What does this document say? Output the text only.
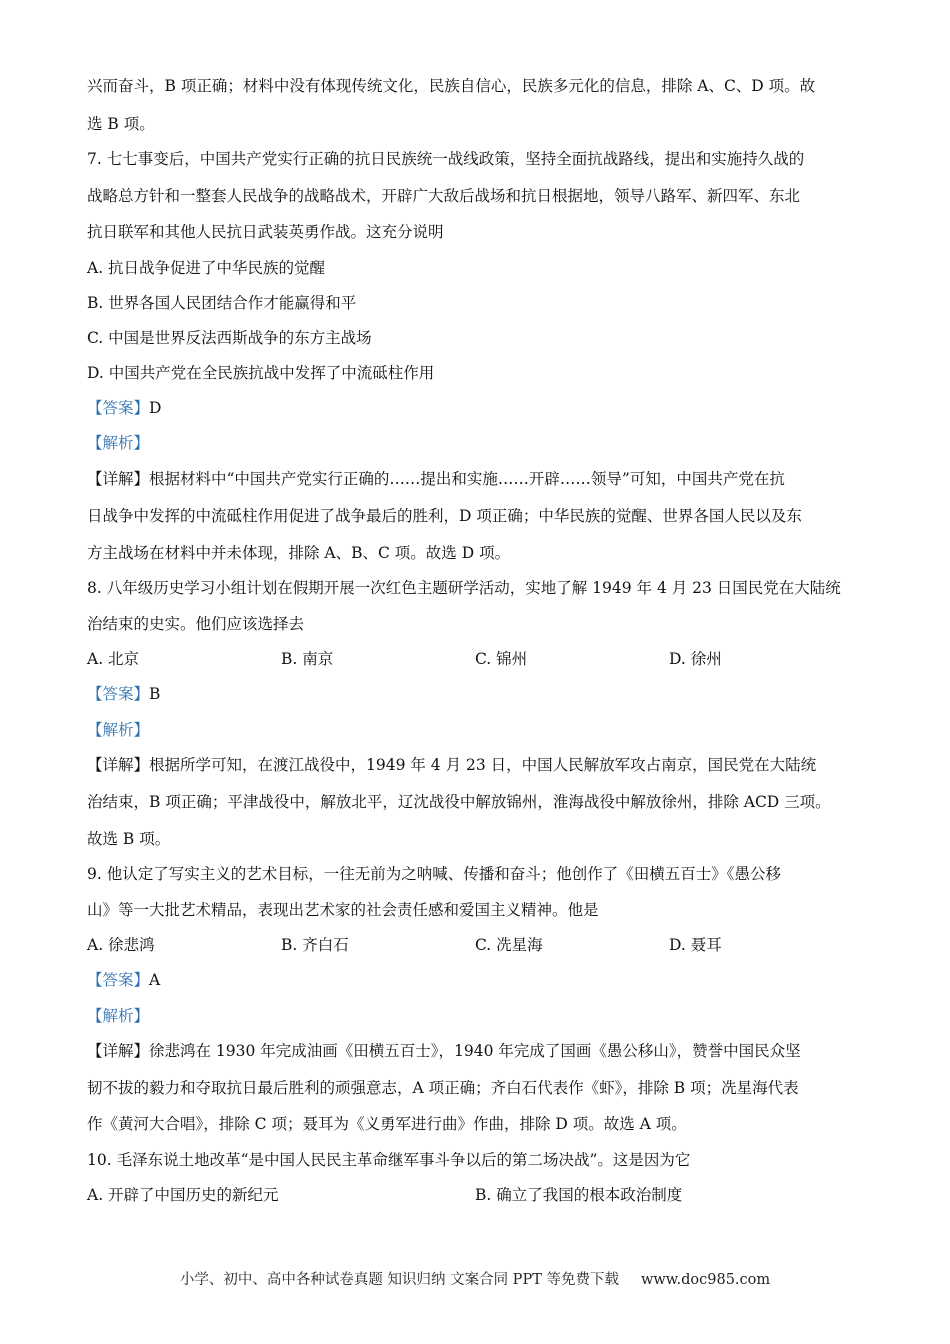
兴而奋斗，B 项正确；材料中没有体现传统文化，民族自信心，民族多元化的信息，排除 A、C、D 项。故
选 B 项。
7. 七七事变后，中国共产党实行正确的抗日民族统一战线政策，坚持全面抗战路线，提出和实施持久战的
战略总方针和一整套人民战争的战略战术，开辟广大敌后战场和抗日根据地，领导八路军、新四军、东北
抗日联军和其他人民抗日武装英勇作战。这充分说明
A. 抗日战争促进了中华民族的觉醒
B. 世界各国人民团结合作才能赢得和平
C. 中国是世界反法西斯战争的东方主战场
D. 中国共产党在全民族抗战中发挥了中流砥柱作用
【答案】D
【解析】
【详解】根据材料中“中国共产党实行正确的……提出和实施……开辟……领导”可知，中国共产党在抗
日战争中发挥的中流砥柱作用促进了战争最后的胜利，D 项正确；中华民族的觉醒、世界各国人民以及东
方主战场在材料中并未体现，排除 A、B、C 项。故选 D 项。
8. 八年级历史学习小组计划在假期开展一次红色主题研学活动，实地了解 1949 年 4 月 23 日国民党在大陆统
治结束的史实。他们应该选择去
A. 北京	B. 南京	C. 锦州	D. 徐州
【答案】B
【解析】
【详解】根据所学可知，在渡江战役中，1949 年 4 月 23 日，中国人民解放军攻占南京，国民党在大陆统
治结束，B 项正确；平津战役中，解放北平，辽沈战役中解放锦州，淮海战役中解放徐州，排除 ACD 三项。
故选 B 项。
9. 他认定了写实主义的艺术目标，一往无前为之呐喊、传播和奋斗；他创作了《田横五百士》《愚公移
山》等一大批艺术精品，表现出艺术家的社会责任感和爱国主义精神。他是
A. 徐悲鸿	B. 齐白石	C. 冼星海	D. 聂耳
【答案】A
【解析】
【详解】徐悲鸿在 1930 年完成油画《田横五百士》，1940 年完成了国画《愚公移山》，赞誉中国民众坚
韧不拔的毅力和夺取抗日最后胜利的顽强意志，A 项正确；齐白石代表作《虾》，排除 B 项；冼星海代表
作《黄河大合唱》，排除 C 项；聂耳为《义勇军进行曲》作曲，排除 D 项。故选 A 项。
10. 毛泽东说土地改革“是中国人民民主革命继军事斗争以后的第二场决战”。这是因为它
A. 开辟了中国历史的新纪元	B. 确立了我国的根本政治制度
小学、初中、高中各种试卷真题 知识归纳 文案合同 PPT 等免费下载 www.doc985.com
